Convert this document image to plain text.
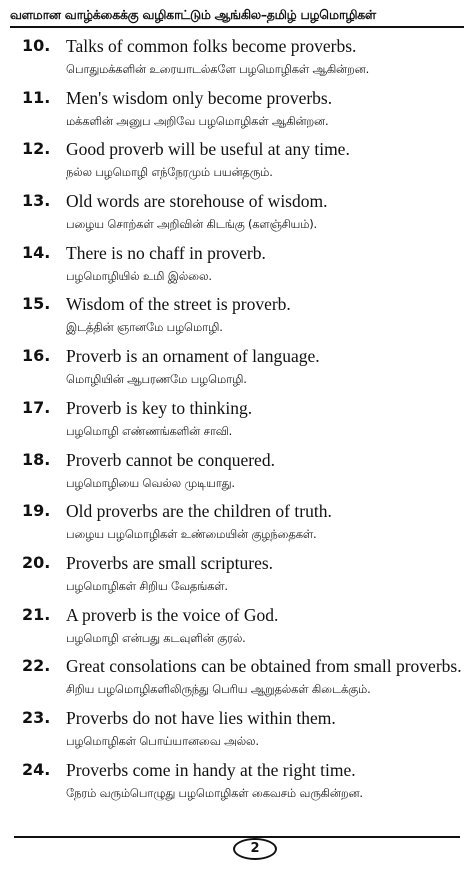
வளமான வாழ்க்கைக்கு வழிகாட்டும் ஆங்கில–தமிழ் பழமொழிகள்
10. Talks of common folks become proverbs.
பொதுமக்களின் உரையாடல்களே பழமொழிகள் ஆகின்றன.
11. Men's wisdom only become proverbs.
மக்களின் அனுப அறிவே பழமொழிகள் ஆகின்றன.
12. Good proverb will be useful at any time.
நல்ல பழமொழி எந்நேரமும் பயன்தரும்.
13. Old words are storehouse of wisdom.
பழைய சொற்கள் அறிவின் கிடங்கு (களஞ்சியம்).
14. There is no chaff in proverb.
பழமொழியில் உமி இல்லை.
15. Wisdom of the street is proverb.
இடத்தின் ஞானமே பழமொழி.
16. Proverb is an ornament of language.
மொழியின் ஆபரணமே பழமொழி.
17. Proverb is key to thinking.
பழமொழி எண்ணங்களின் சாவி.
18. Proverb cannot be conquered.
பழமொழியை வெல்ல முடியாது.
19. Old proverbs are the children of truth.
பழைய பழமொழிகள் உண்மையின் குழந்தைகள்.
20. Proverbs are small scriptures.
பழமொழிகள் சிறிய வேதங்கள்.
21. A proverb is the voice of God.
பழமொழி என்பது கடவுளின் குரல்.
22. Great consolations can be obtained from small proverbs.
சிறிய பழமொழிகளிலிருந்து பெரிய ஆறுதல்கள் கிடைக்கும்.
23. Proverbs do not have lies within them.
பழமொழிகள் பொய்யானவை அல்ல.
24. Proverbs come in handy at the right time.
நேரம் வரும்பொழுது பழமொழிகள் கைவசம் வருகின்றன.
2
